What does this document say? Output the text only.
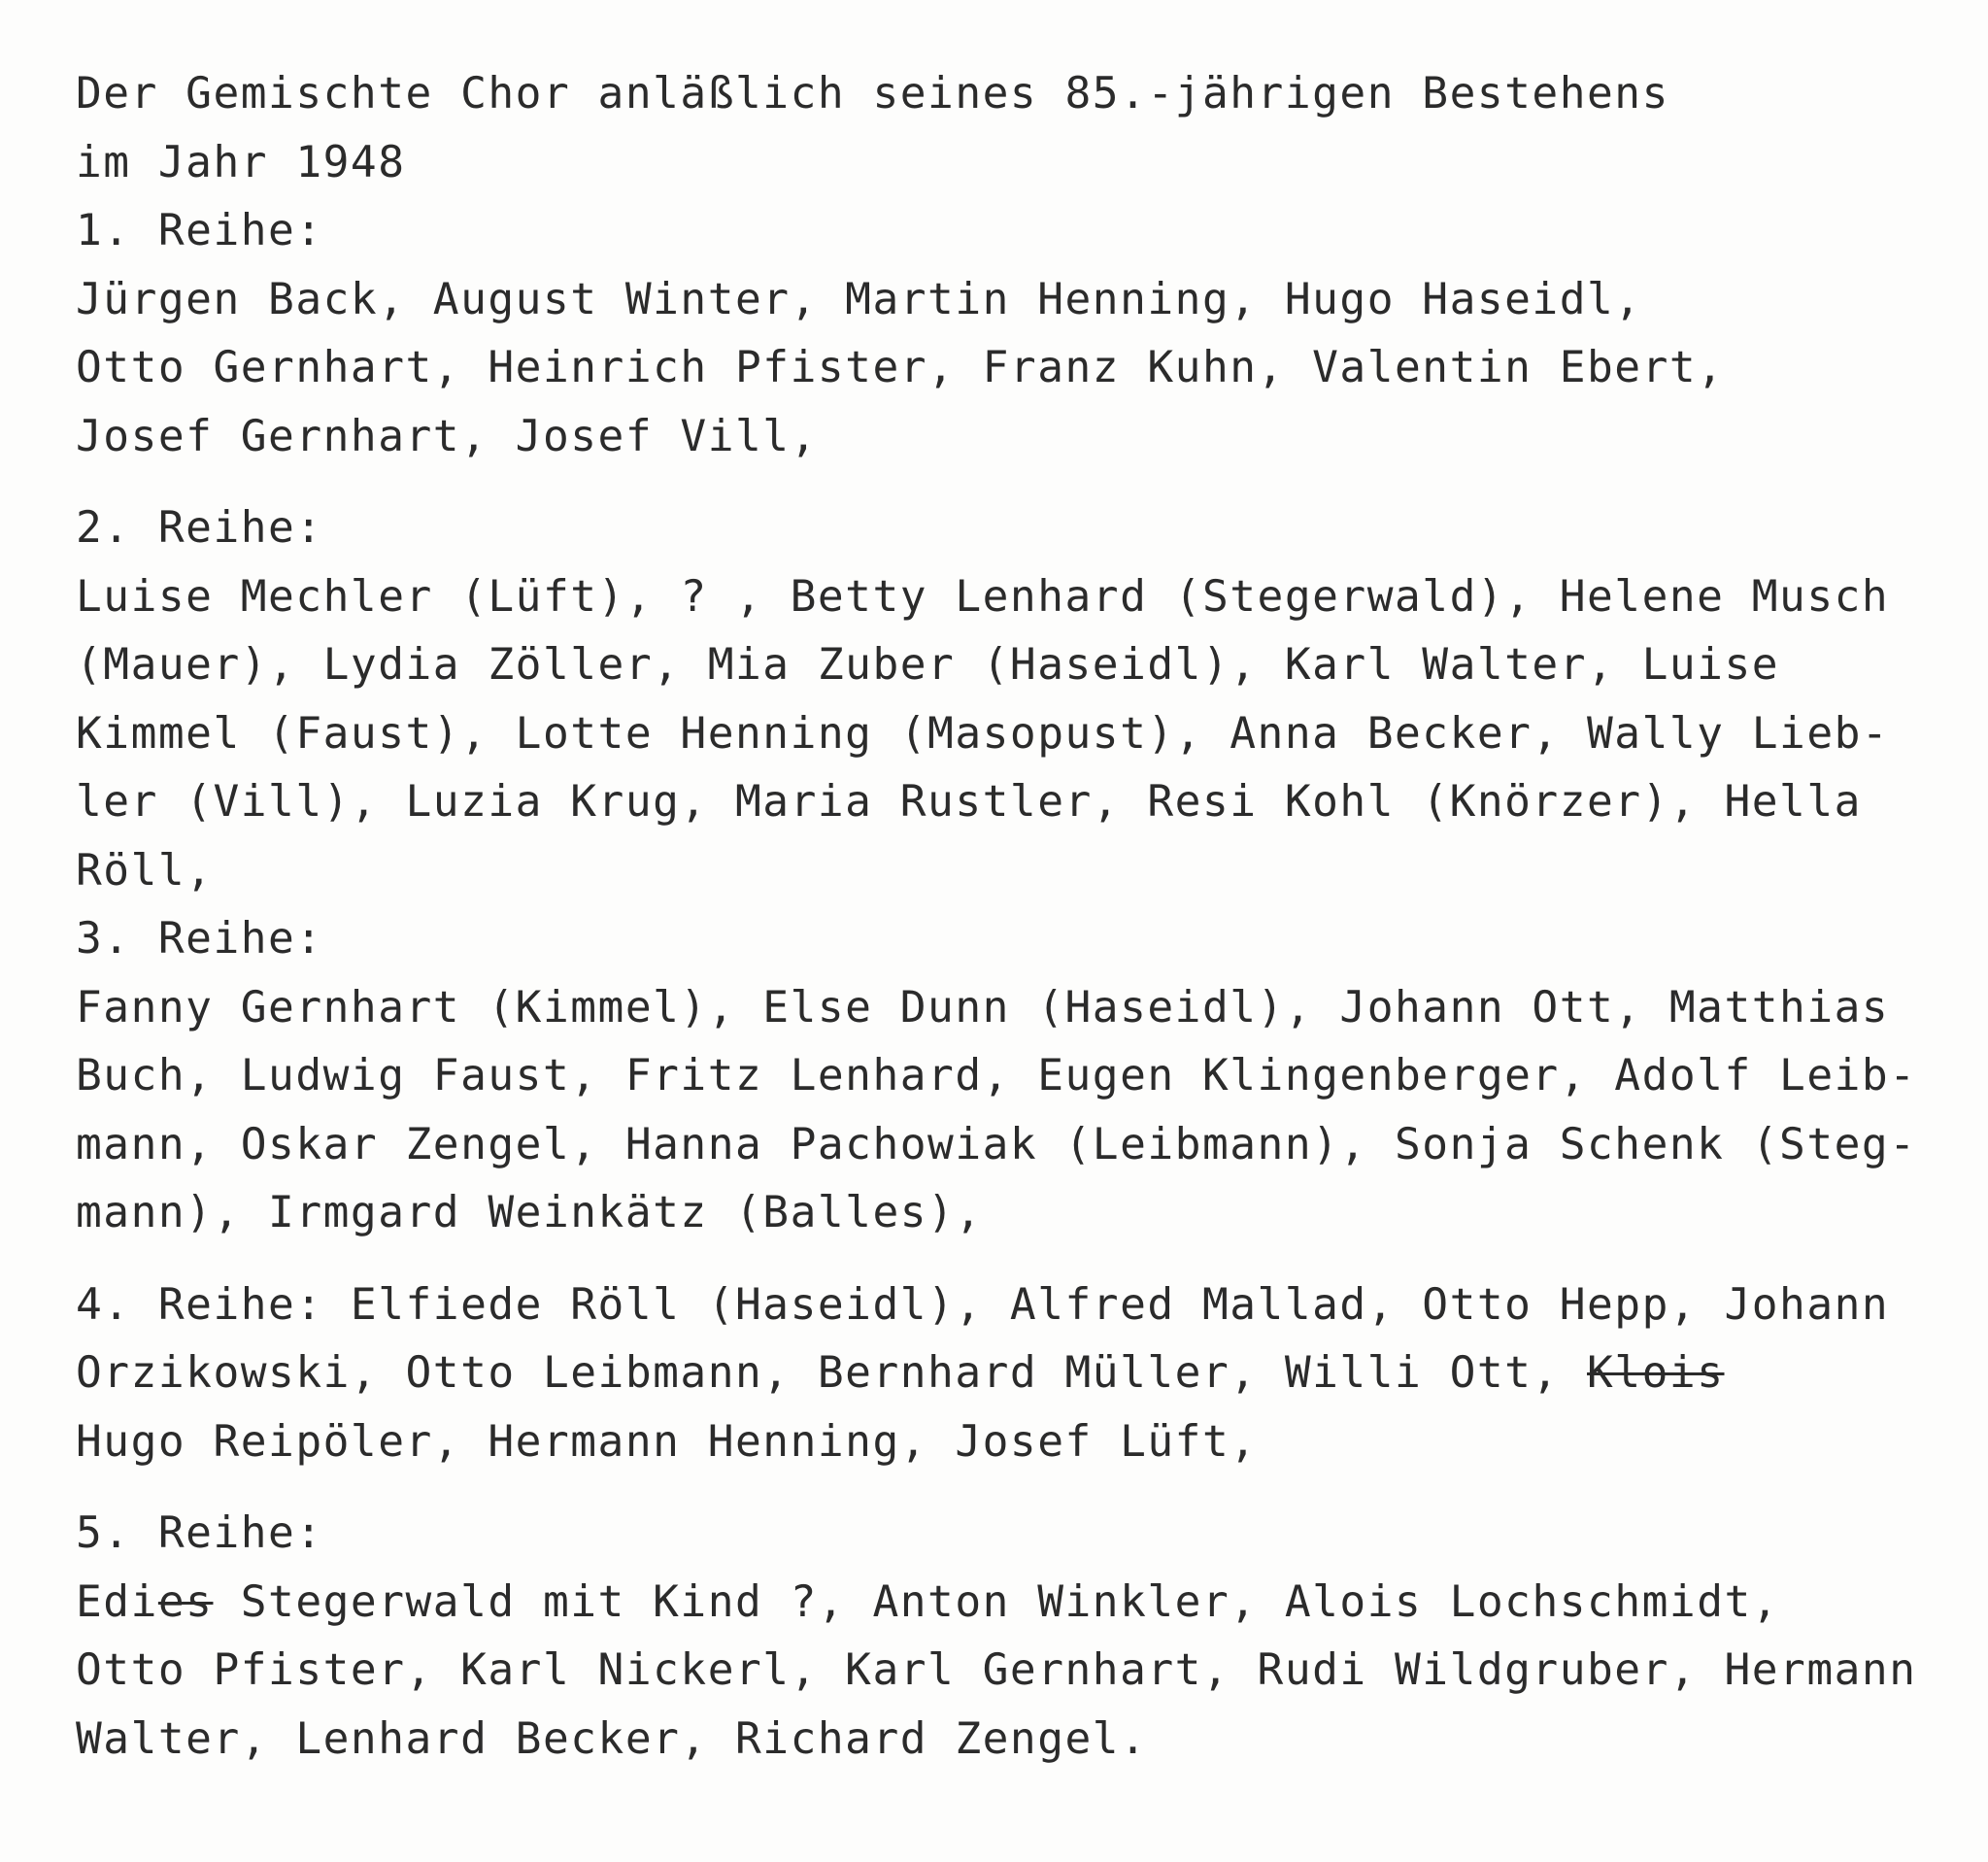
Der Gemischte Chor anläßlich seines 85.-jährigen Bestehens
im Jahr 1948
1. Reihe:
Jürgen Back, August Winter, Martin Henning, Hugo Haseidl,
Otto Gernhart, Heinrich Pfister, Franz Kuhn, Valentin Ebert,
Josef Gernhart, Josef Vill,
2. Reihe:
Luise Mechler (Lüft), ? , Betty Lenhard (Stegerwald), Helene Musch
(Mauer), Lydia Zöller, Mia Zuber (Haseidl), Karl Walter, Luise
Kimmel (Faust), Lotte Henning (Masopust), Anna Becker, Wally Lieb-
ler (Vill), Luzia Krug, Maria Rustler, Resi Kohl (Knörzer), Hella
Röll,
3. Reihe:
Fanny Gernhart (Kimmel), Else Dunn (Haseidl), Johann Ott, Matthias
Buch, Ludwig Faust, Fritz Lenhard, Eugen Klingenberger, Adolf Leib-
mann, Oskar Zengel, Hanna Pachowiak (Leibmann), Sonja Schenk (Steg-
mann), Irmgard Weinkätz (Balles),
4. Reihe: Elfiede Röll (Haseidl), Alfred Mallad, Otto Hepp, Johann
Orzikowski, Otto Leibmann, Bernhard Müller, Willi Ott, Klois
Hugo Reipöler, Hermann Henning, Josef Lüft,
5. Reihe:
Edies Stegerwald mit Kind ?, Anton Winkler, Alois Lochschmidt,
Otto Pfister, Karl Nickerl, Karl Gernhart, Rudi Wildgruber, Hermann
Walter, Lenhard Becker, Richard Zengel.
